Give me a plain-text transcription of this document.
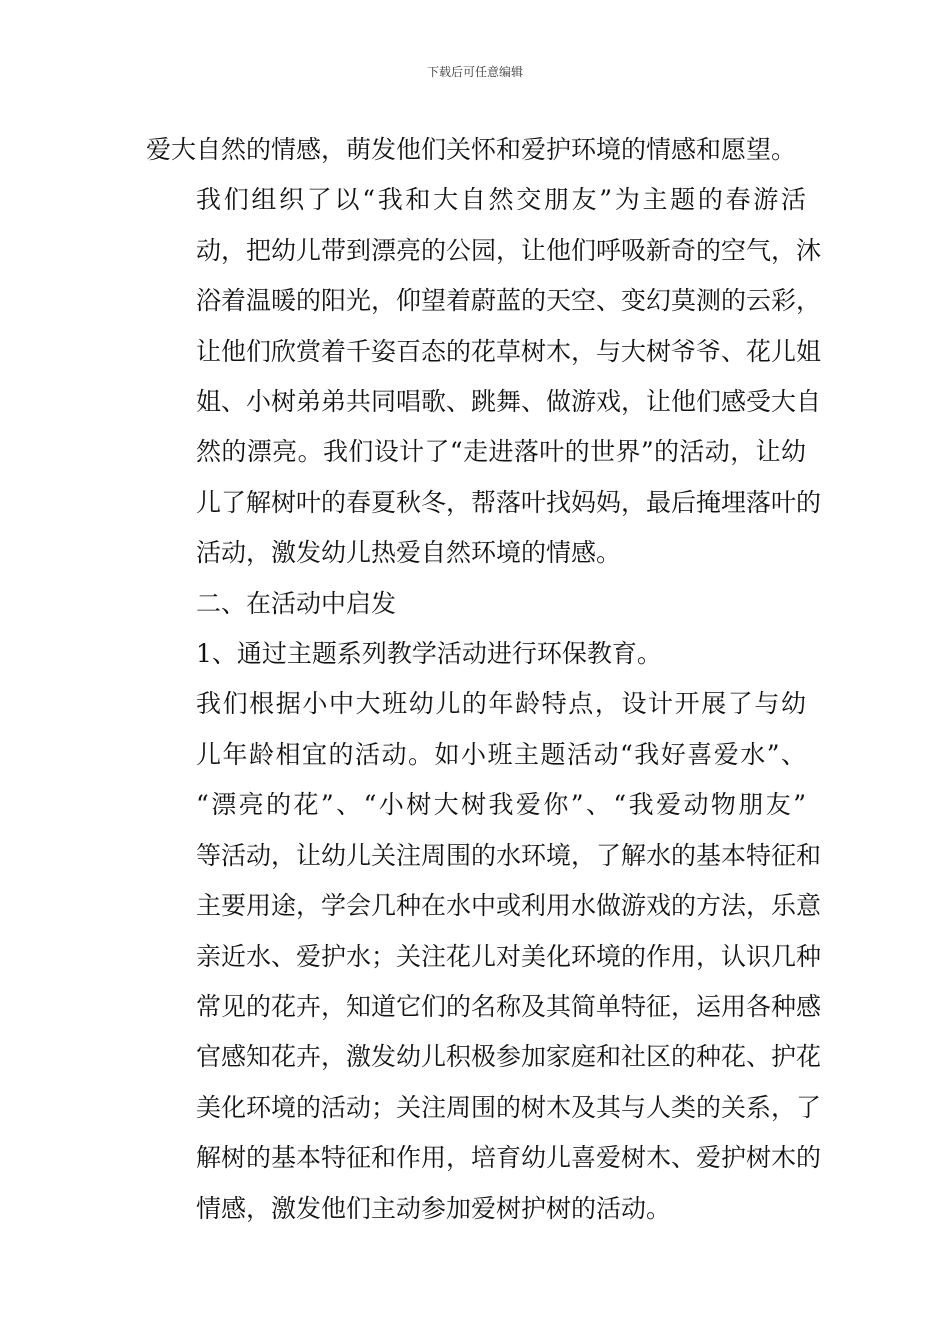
下载后可任意编辑

爱大自然的情感，萌发他们关怀和爱护环境的情感和愿望。

我们组织了以“我和大自然交朋友”为主题的春游活
动，把幼儿带到漂亮的公园，让他们呼吸新奇的空气，沐
浴着温暖的阳光，仰望着蔚蓝的天空、变幻莫测的云彩，
让他们欣赏着千姿百态的花草树木，与大树爷爷、花儿姐
姐、小树弟弟共同唱歌、跳舞、做游戏，让他们感受大自
然的漂亮。我们设计了“走进落叶的世界”的活动，让幼
儿了解树叶的春夏秋冬，帮落叶找妈妈，最后掩埋落叶的
活动，激发幼儿热爱自然环境的情感。

二、在活动中启发

1、通过主题系列教学活动进行环保教育。

我们根据小中大班幼儿的年龄特点，设计开展了与幼
儿年龄相宜的活动。如小班主题活动“我好喜爱水”、
“漂亮的花”、“小树大树我爱你”、“我爱动物朋友”
等活动，让幼儿关注周围的水环境，了解水的基本特征和
主要用途，学会几种在水中或利用水做游戏的方法，乐意
亲近水、爱护水；关注花儿对美化环境的作用，认识几种
常见的花卉，知道它们的名称及其简单特征，运用各种感
官感知花卉，激发幼儿积极参加家庭和社区的种花、护花
美化环境的活动；关注周围的树木及其与人类的关系，了
解树的基本特征和作用，培育幼儿喜爱树木、爱护树木的
情感，激发他们主动参加爱树护树的活动。
